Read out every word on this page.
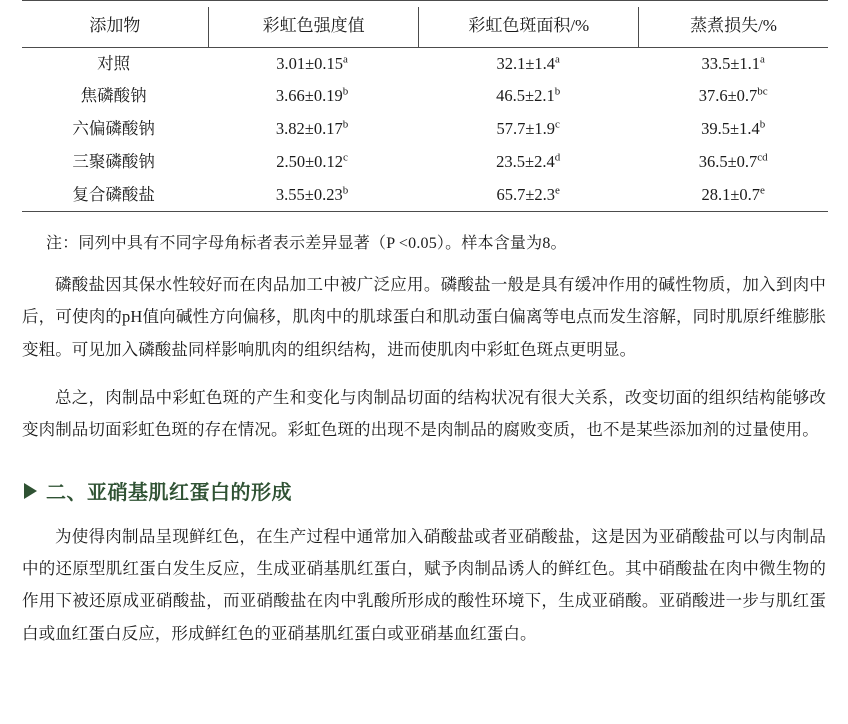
添加物	彩虹色强度值	彩虹色斑面积/%	蒸煮损失/%
对照	3.01±0.15$^a$	32.1±1.4$^a$	33.5±1.1$^a$
焦磷酸钠	3.66±0.19$^b$	46.5±2.1$^b$	37.6±0.7$^{bc}$
六偏磷酸钠	3.82±0.17$^b$	57.7±1.9$^c$	39.5±1.4$^b$
三聚磷酸钠	2.50±0.12$^c$	23.5±2.4$^d$	36.5±0.7$^{cd}$
复合磷酸盐	3.55±0.23$^b$	65.7±2.3$^e$	28.1±0.7$^e$
注：同列中具有不同字母角标者表示差异显著（P <0.05）。样本含量为8。

磷酸盐因其保水性较好而在肉品加工中被广泛应用。磷酸盐一般是具有缓冲作用的碱性物质，加入到肉中后，可使肉的pH值向碱性方向偏移，肌肉中的肌球蛋白和肌动蛋白偏离等电点而发生溶解，同时肌原纤维膨胀变粗。可见加入磷酸盐同样影响肌肉的组织结构，进而使肌肉中彩虹色斑点更明显。

总之，肉制品中彩虹色斑的产生和变化与肉制品切面的结构状况有很大关系，改变切面的组织结构能够改变肉制品切面彩虹色斑的存在情况。彩虹色斑的出现不是肉制品的腐败变质，也不是某些添加剂的过量使用。

二、亚硝基肌红蛋白的形成

为使得肉制品呈现鲜红色，在生产过程中通常加入硝酸盐或者亚硝酸盐，这是因为亚硝酸盐可以与肉制品中的还原型肌红蛋白发生反应，生成亚硝基肌红蛋白，赋予肉制品诱人的鲜红色。其中硝酸盐在肉中微生物的作用下被还原成亚硝酸盐，而亚硝酸盐在肉中乳酸所形成的酸性环境下，生成亚硝酸。亚硝酸进一步与肌红蛋白或血红蛋白反应，形成鲜红色的亚硝基肌红蛋白或亚硝基血红蛋白。
